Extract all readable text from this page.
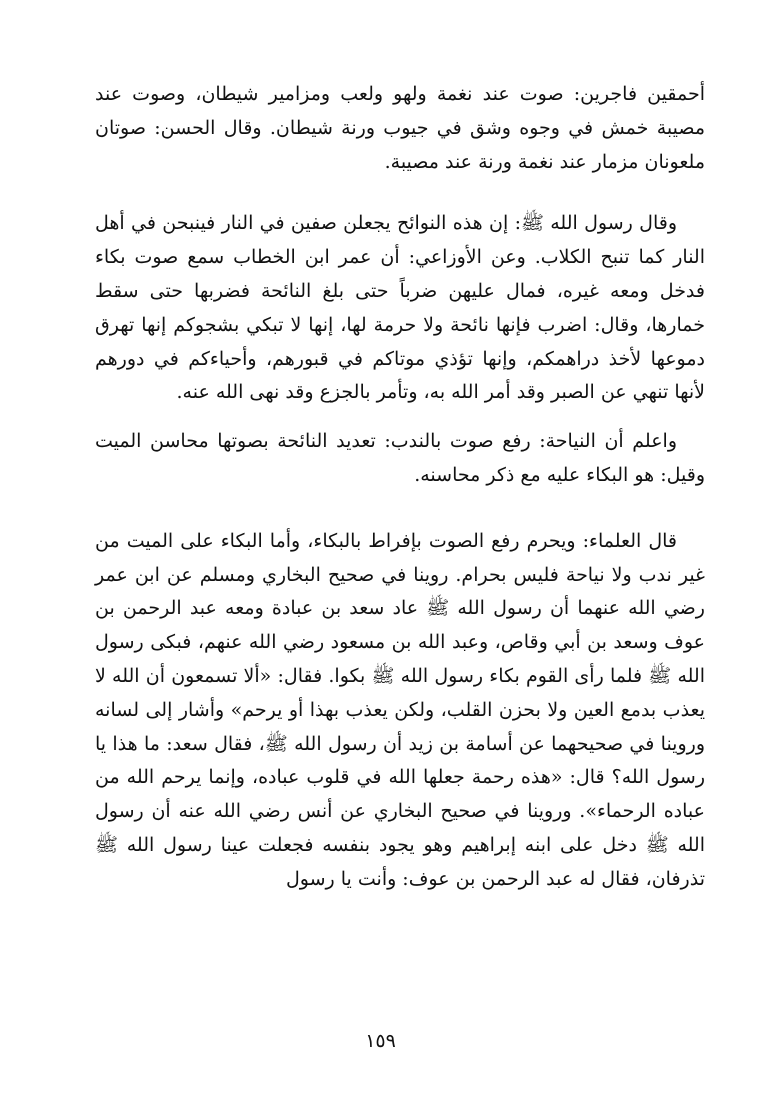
أحمقين فاجرين: صوت عند نغمة ولهو ولعب ومزامير شيطان، وصوت عند مصيبة خمش في وجوه وشق في جيوب ورنة شيطان. وقال الحسن: صوتان ملعونان مزمار عند نغمة ورنة عند مصيبة.

وقال رسول الله ﷺ: إن هذه النوائح يجعلن صفين في النار فينبحن في أهل النار كما تنبح الكلاب. وعن الأوزاعي: أن عمر ابن الخطاب سمع صوت بكاء فدخل ومعه غيره، فمال عليهن ضرباً حتى بلغ النائحة فضربها حتى سقط خمارها، وقال: اضرب فإنها نائحة ولا حرمة لها، إنها لا تبكي بشجوكم إنها تهرق دموعها لأخذ دراهمكم، وإنها تؤذي موتاكم في قبورهم، وأحياءكم في دورهم لأنها تنهي عن الصبر وقد أمر الله به، وتأمر بالجزع وقد نهى الله عنه.

واعلم أن النياحة: رفع صوت بالندب: تعديد النائحة بصوتها محاسن الميت وقيل: هو البكاء عليه مع ذكر محاسنه.

قال العلماء: ويحرم رفع الصوت بإفراط بالبكاء، وأما البكاء على الميت من غير ندب ولا نياحة فليس بحرام. روينا في صحيح البخاري ومسلم عن ابن عمر رضي الله عنهما أن رسول الله ﷺ عاد سعد بن عبادة ومعه عبد الرحمن بن عوف وسعد بن أبي وقاص، وعبد الله بن مسعود رضي الله عنهم، فبكى رسول الله ﷺ فلما رأى القوم بكاء رسول الله ﷺ بكوا. فقال: «ألا تسمعون أن الله لا يعذب بدمع العين ولا بحزن القلب، ولكن يعذب بهذا أو يرحم» وأشار إلى لسانه وروينا في صحيحهما عن أسامة بن زيد أن رسول الله ﷺ، فقال سعد: ما هذا يا رسول الله؟ قال: «هذه رحمة جعلها الله في قلوب عباده، وإنما يرحم الله من عباده الرحماء». وروينا في صحيح البخاري عن أنس رضي الله عنه أن رسول الله ﷺ دخل على ابنه إبراهيم وهو يجود بنفسه فجعلت عينا رسول الله ﷺ تذرفان، فقال له عبد الرحمن بن عوف: وأنت يا رسول

١٥٩
